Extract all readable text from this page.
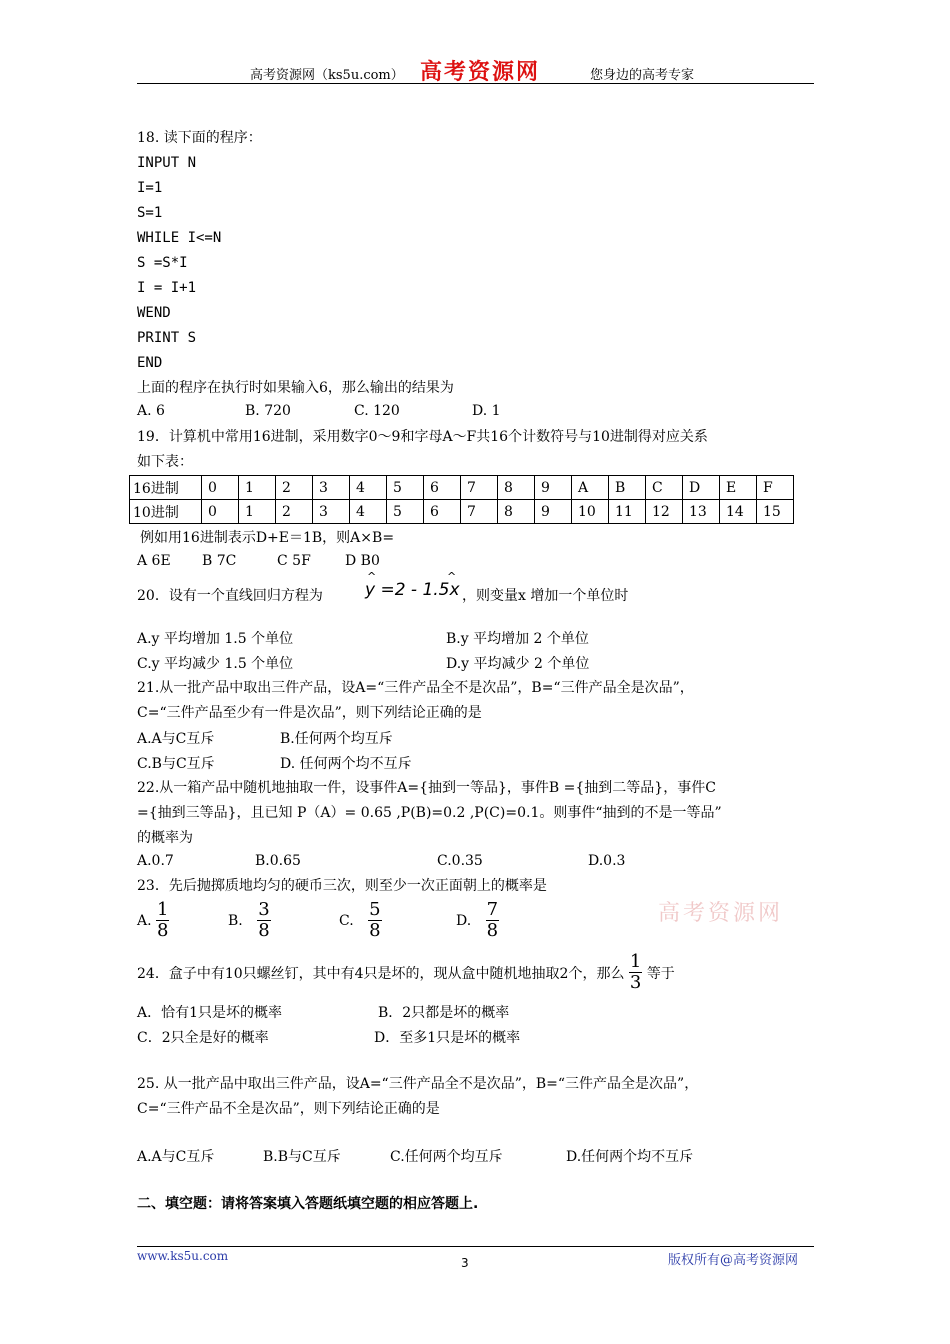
高考资源网（ks5u.com） 高考资源网	您身边的高考专家
18. 读下面的程序：
INPUT N
I=1
S=1
WHILE I<=N
S =S*I
I = I+1
WEND
PRINT S
END
上面的程序在执行时如果输入6，那么输出的结果为
A. 6	B. 720	C. 120	D. 1
19．计算机中常用16进制，采用数字0～9和字母A～F共16个计数符号与10进制得对应关系
如下表：
16进制	0	1	2	3	4	5	6	7	8	9	A	B	C	D	E	F
10进制	0	1	2	3	4	5	6	7	8	9	10	11	12	13	14	15
例如用16进制表示D+E＝1B，则A×B=
A 6E B 7C	C 5F D B0
20．设有一个直线回归方程为
^	^
y =2 - 1.5x ，则变量x 增加一个单位时
A.y 平均增加 1.5 个单位	B.y 平均增加 2 个单位
C.y 平均减少 1.5 个单位	D.y 平均减少 2 个单位
21.从一批产品中取出三件产品，设A=“三件产品全不是次品”，B=“三件产品全是次品”，
C=“三件产品至少有一件是次品”，则下列结论正确的是
A.A与C互斥	B.任何两个均互斥
C.B与C互斥	D. 任何两个均不互斥
22.从一箱产品中随机地抽取一件，设事件A={抽到一等品}，事件B ={抽到二等品}，事件C
={抽到三等品}，且已知 P（A）= 0.65 ,P(B)=0.2 ,P(C)=0.1。则事件“抽到的不是一等品”
的概率为
A.0.7	B.0.65	C.0.35	D.0.3
23．先后抛掷质地均匀的硬币三次，则至少一次正面朝上的概率是
高考资源网
A. $\frac{1}{8}$	B. $\frac{3}{8}$	C. $\frac{5}{8}$	D. $\frac{7}{8}$
24．盒子中有10只螺丝钉，其中有4只是坏的，现从盒中随机地抽取2个，那么 $\frac{1}{3}$ 等于
A．恰有1只是坏的概率	B．2只都是坏的概率
C．2只全是好的概率	D．至多1只是坏的概率
25. 从一批产品中取出三件产品，设A=“三件产品全不是次品”，B=“三件产品全是次品”，
C=“三件产品不全是次品”，则下列结论正确的是
A.A与C互斥	B.B与C互斥	C.任何两个均互斥	D.任何两个均不互斥
二、填空题：请将答案填入答题纸填空题的相应答题上.
www.ks5u.com	3	版权所有@高考资源网
